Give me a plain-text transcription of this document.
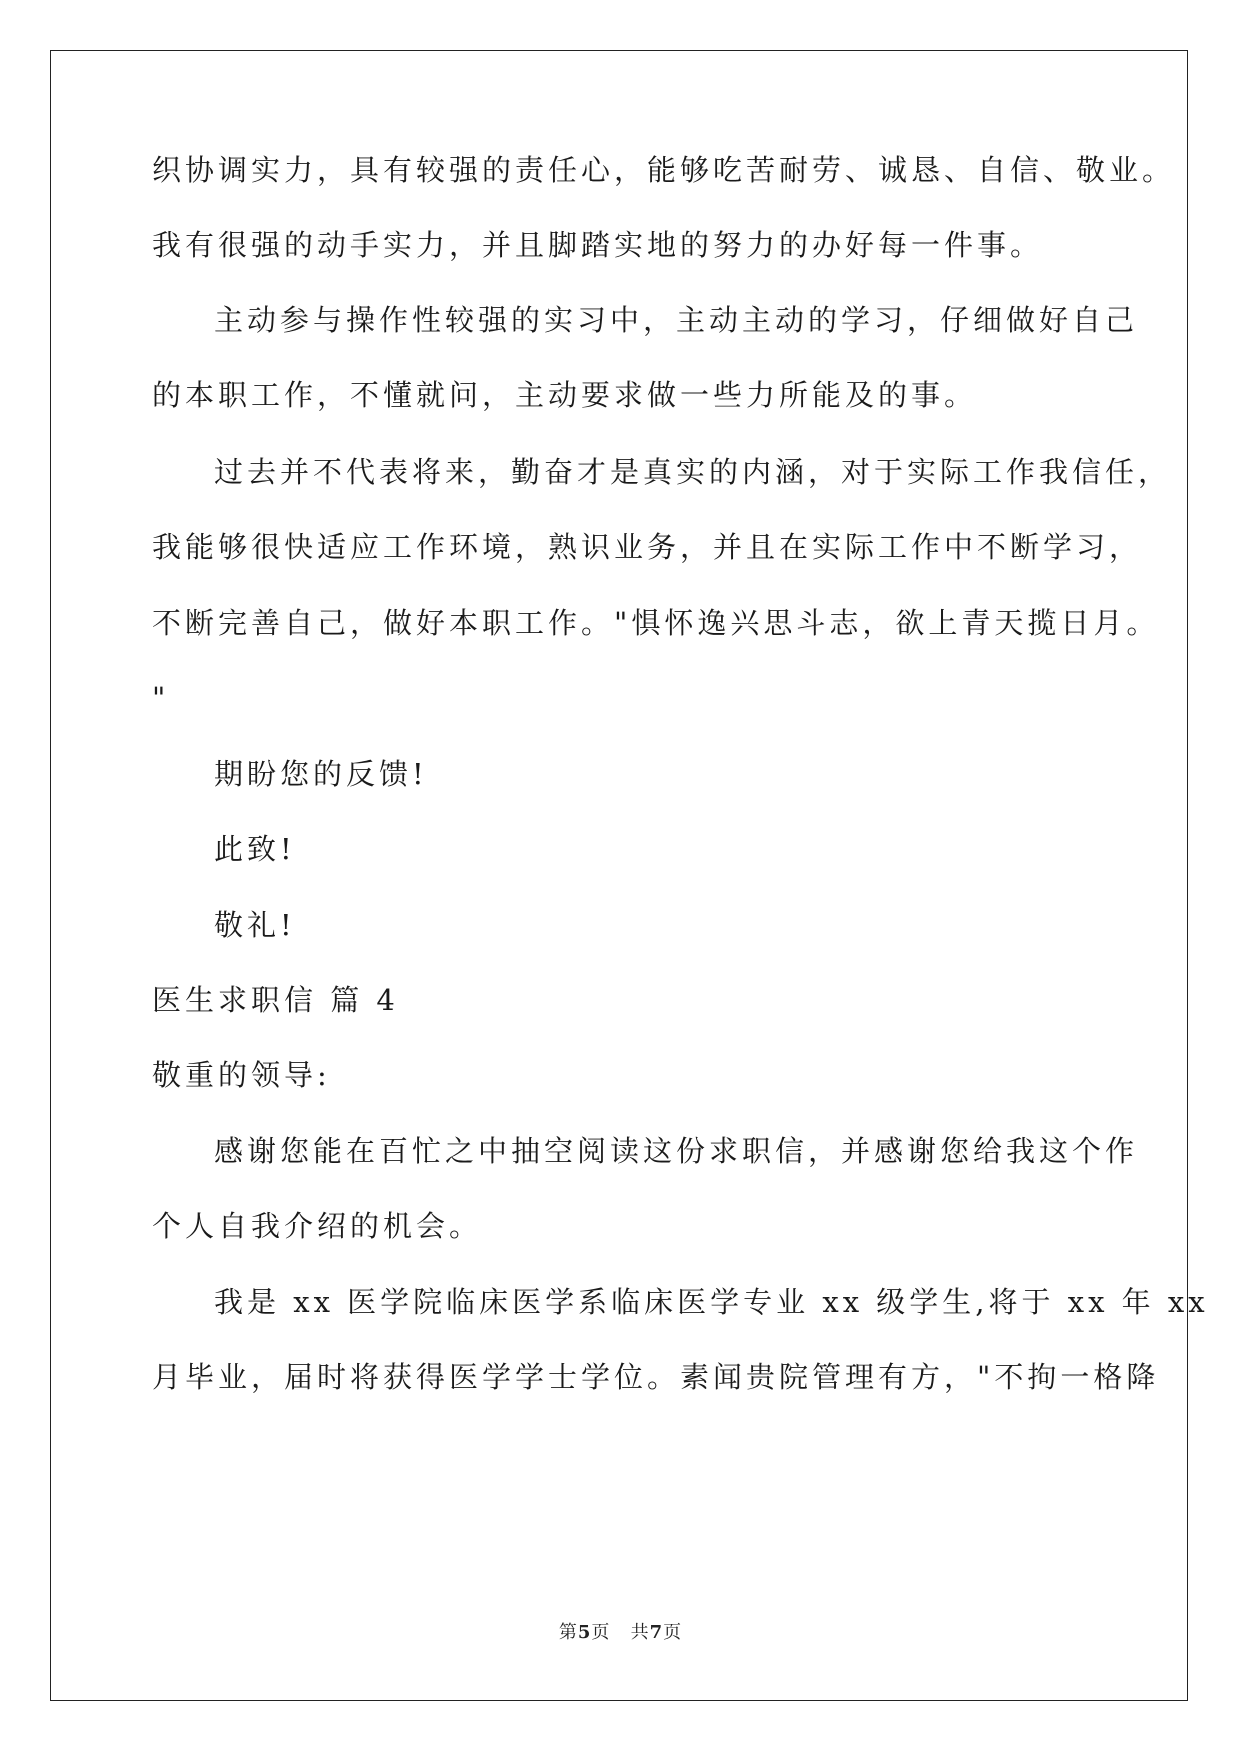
织协调实力，具有较强的责任心，能够吃苦耐劳、诚恳、自信、敬业。
我有很强的动手实力，并且脚踏实地的努力的办好每一件事。
主动参与操作性较强的实习中，主动主动的学习，仔细做好自己
的本职工作，不懂就问，主动要求做一些力所能及的事。
过去并不代表将来，勤奋才是真实的内涵，对于实际工作我信任，
我能够很快适应工作环境，熟识业务，并且在实际工作中不断学习，
不断完善自己，做好本职工作。"惧怀逸兴思斗志，欲上青天揽日月。
"
期盼您的反馈!
此致!
敬礼!
医生求职信 篇 4
敬重的领导:
感谢您能在百忙之中抽空阅读这份求职信，并感谢您给我这个作
个人自我介绍的机会。
我是 xx 医学院临床医学系临床医学专业 xx 级学生,将于 xx 年 xx
月毕业，届时将获得医学学士学位。素闻贵院管理有方，"不拘一格降
第5页 共7页
